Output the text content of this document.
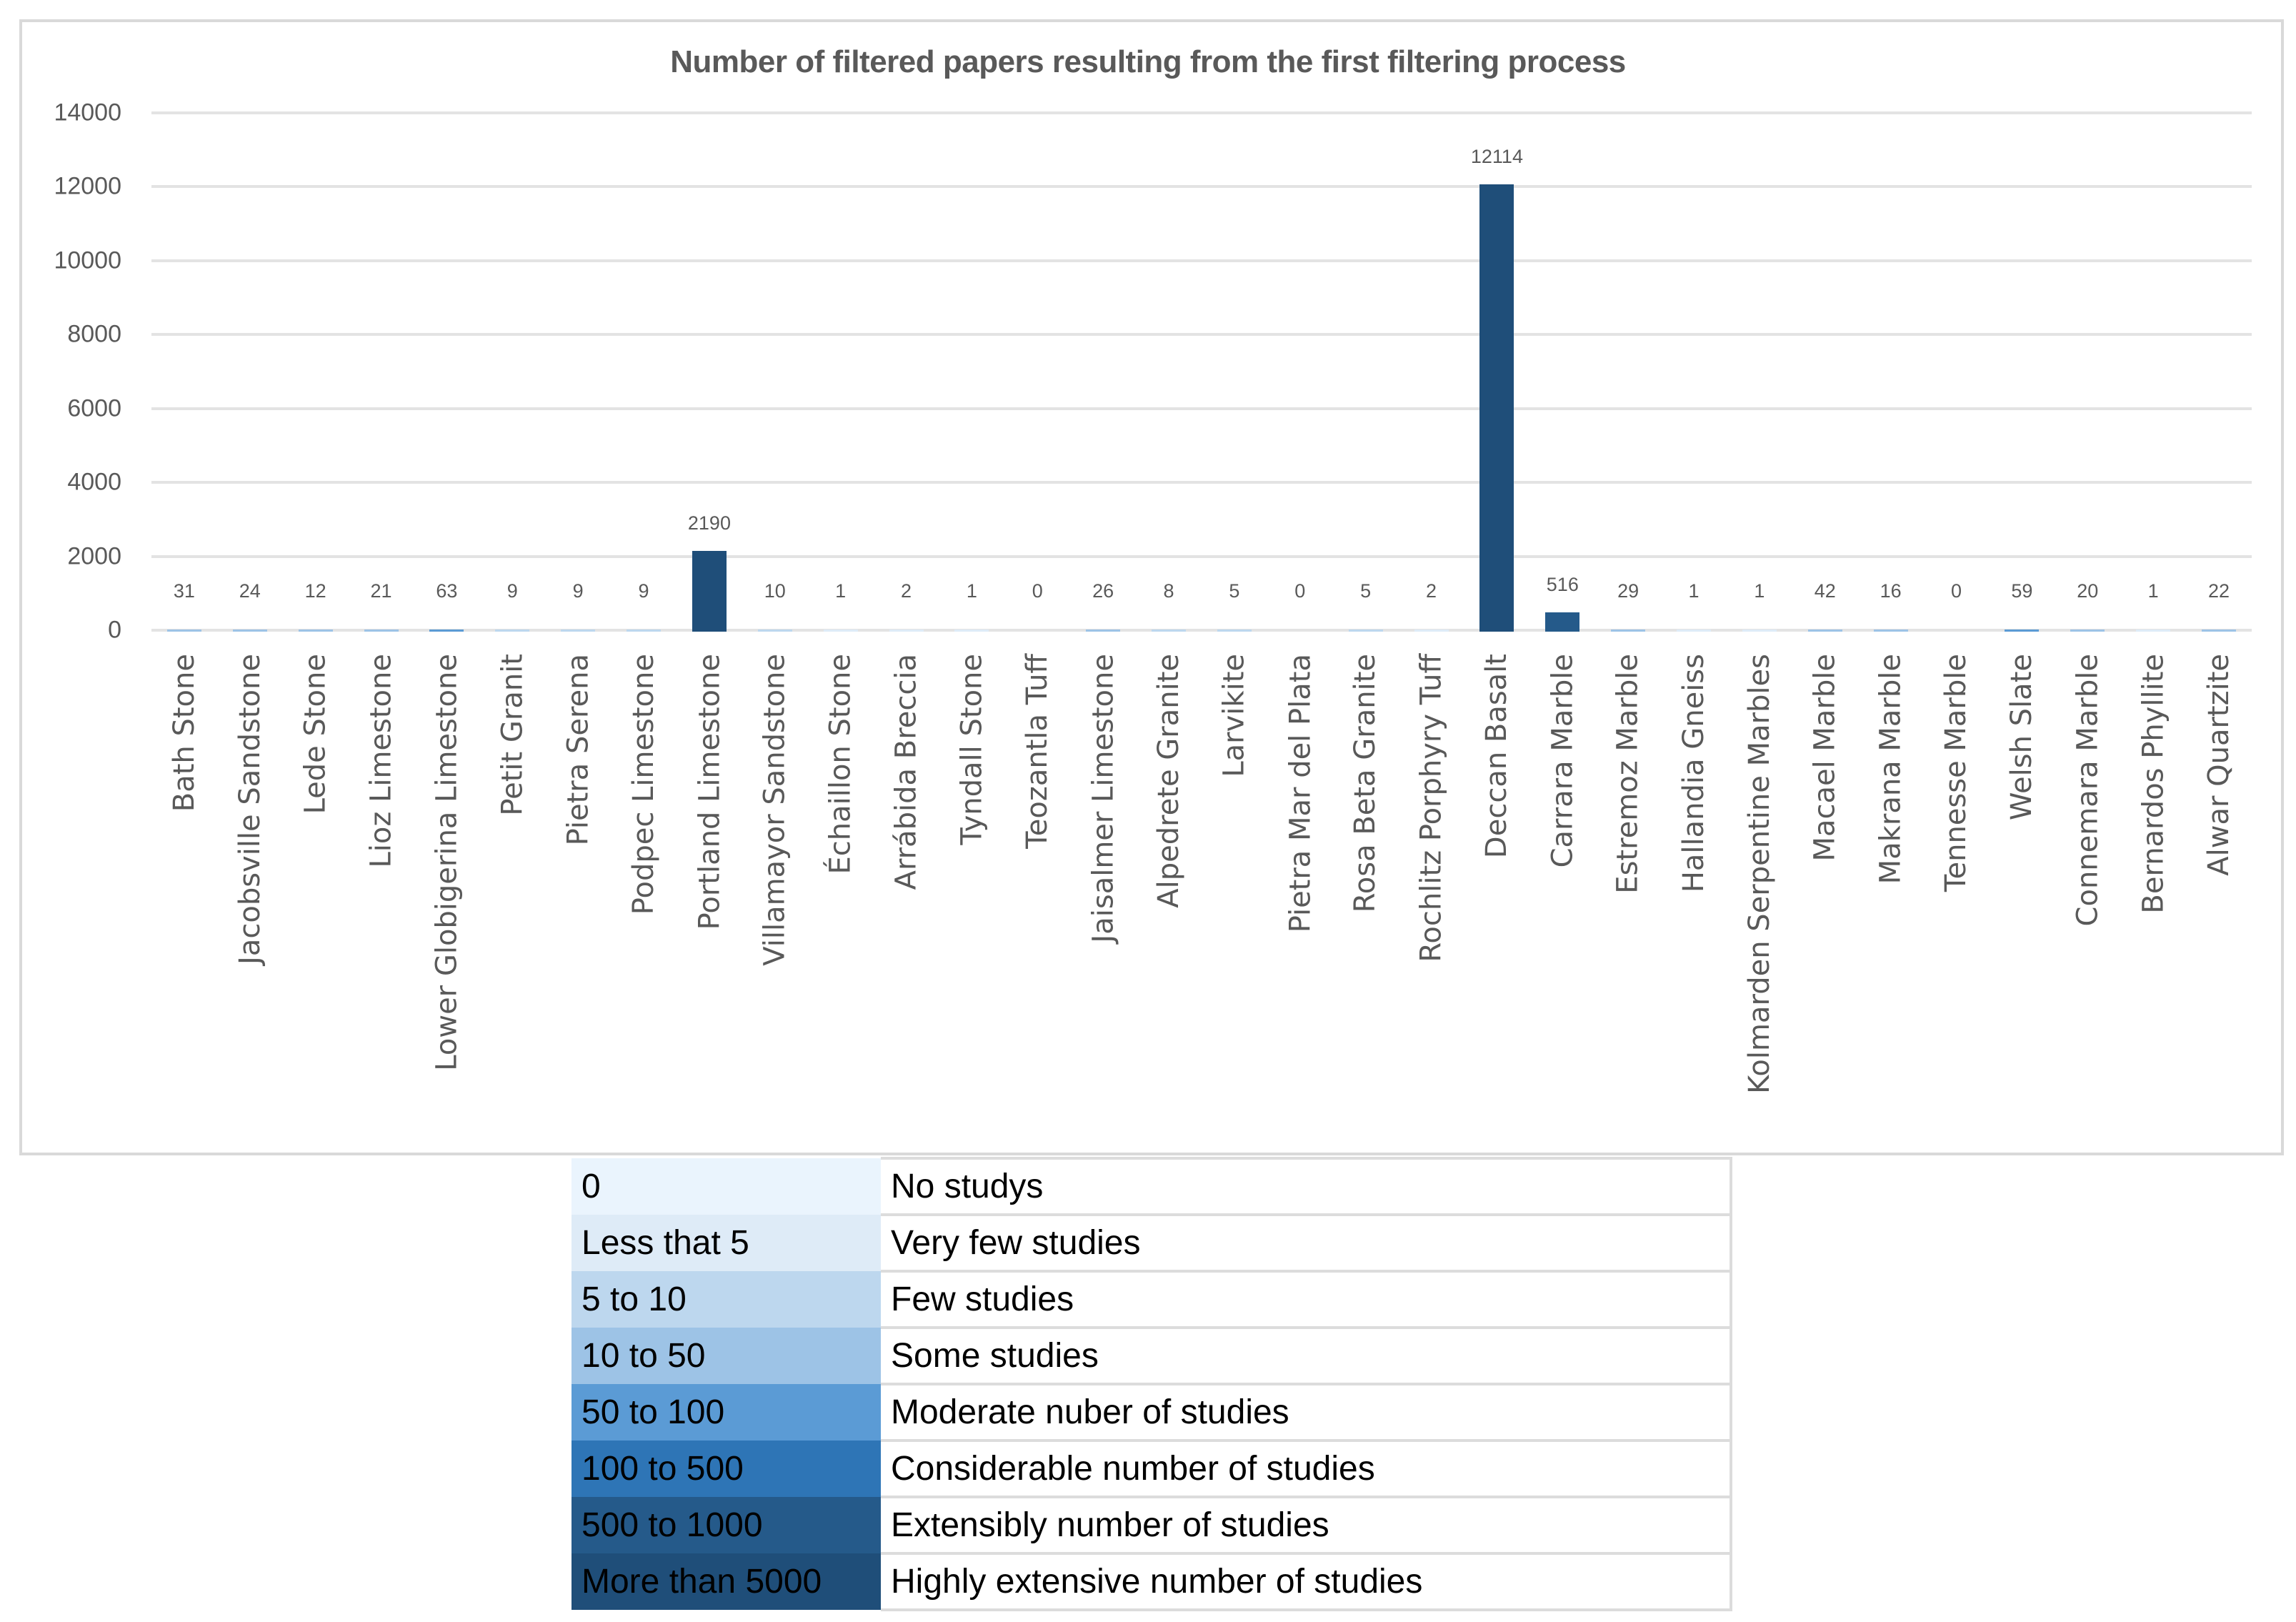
Number of filtered papers resulting from the first filtering process
0
2000
4000
6000
8000
10000
12000
14000
31	24	12	21	63	9	9	9
2190
10	1	2	1	0	26	8	5	0	5	2
12114
516	29	1	1	42	16	0	59	20	1	22
Bath Stone Jacobsville Sandstone Lede Stone Lioz Limestone Lower Globigerina Limestone Petit Granit Pietra Serena Podpec Limestone Portland Limestone Villamayor Sandstone Échaillon Stone Arrábida Breccia Tyndall Stone Teozantla Tuff Jaisalmer Limestone Alpedrete Granite Larvikite Pietra Mar del Plata Rosa Beta Granite Rochlitz Porphyry Tuff Deccan Basalt Carrara Marble Estremoz Marble Hallandia Gneiss Kolmarden Serpentine Marbles Macael Marble Makrana Marble Tennesse Marble Welsh Slate Connemara Marble Bernardos Phyllite Alwar Quartzite
0	No studys
Less that 5	Very few studies
5 to 10	Few studies
10 to 50	Some studies
50 to 100	Moderate nuber of studies
100 to 500	Considerable number of studies
500 to 1000	Extensibly number of studies
More than 5000	Highly extensive number of studies
